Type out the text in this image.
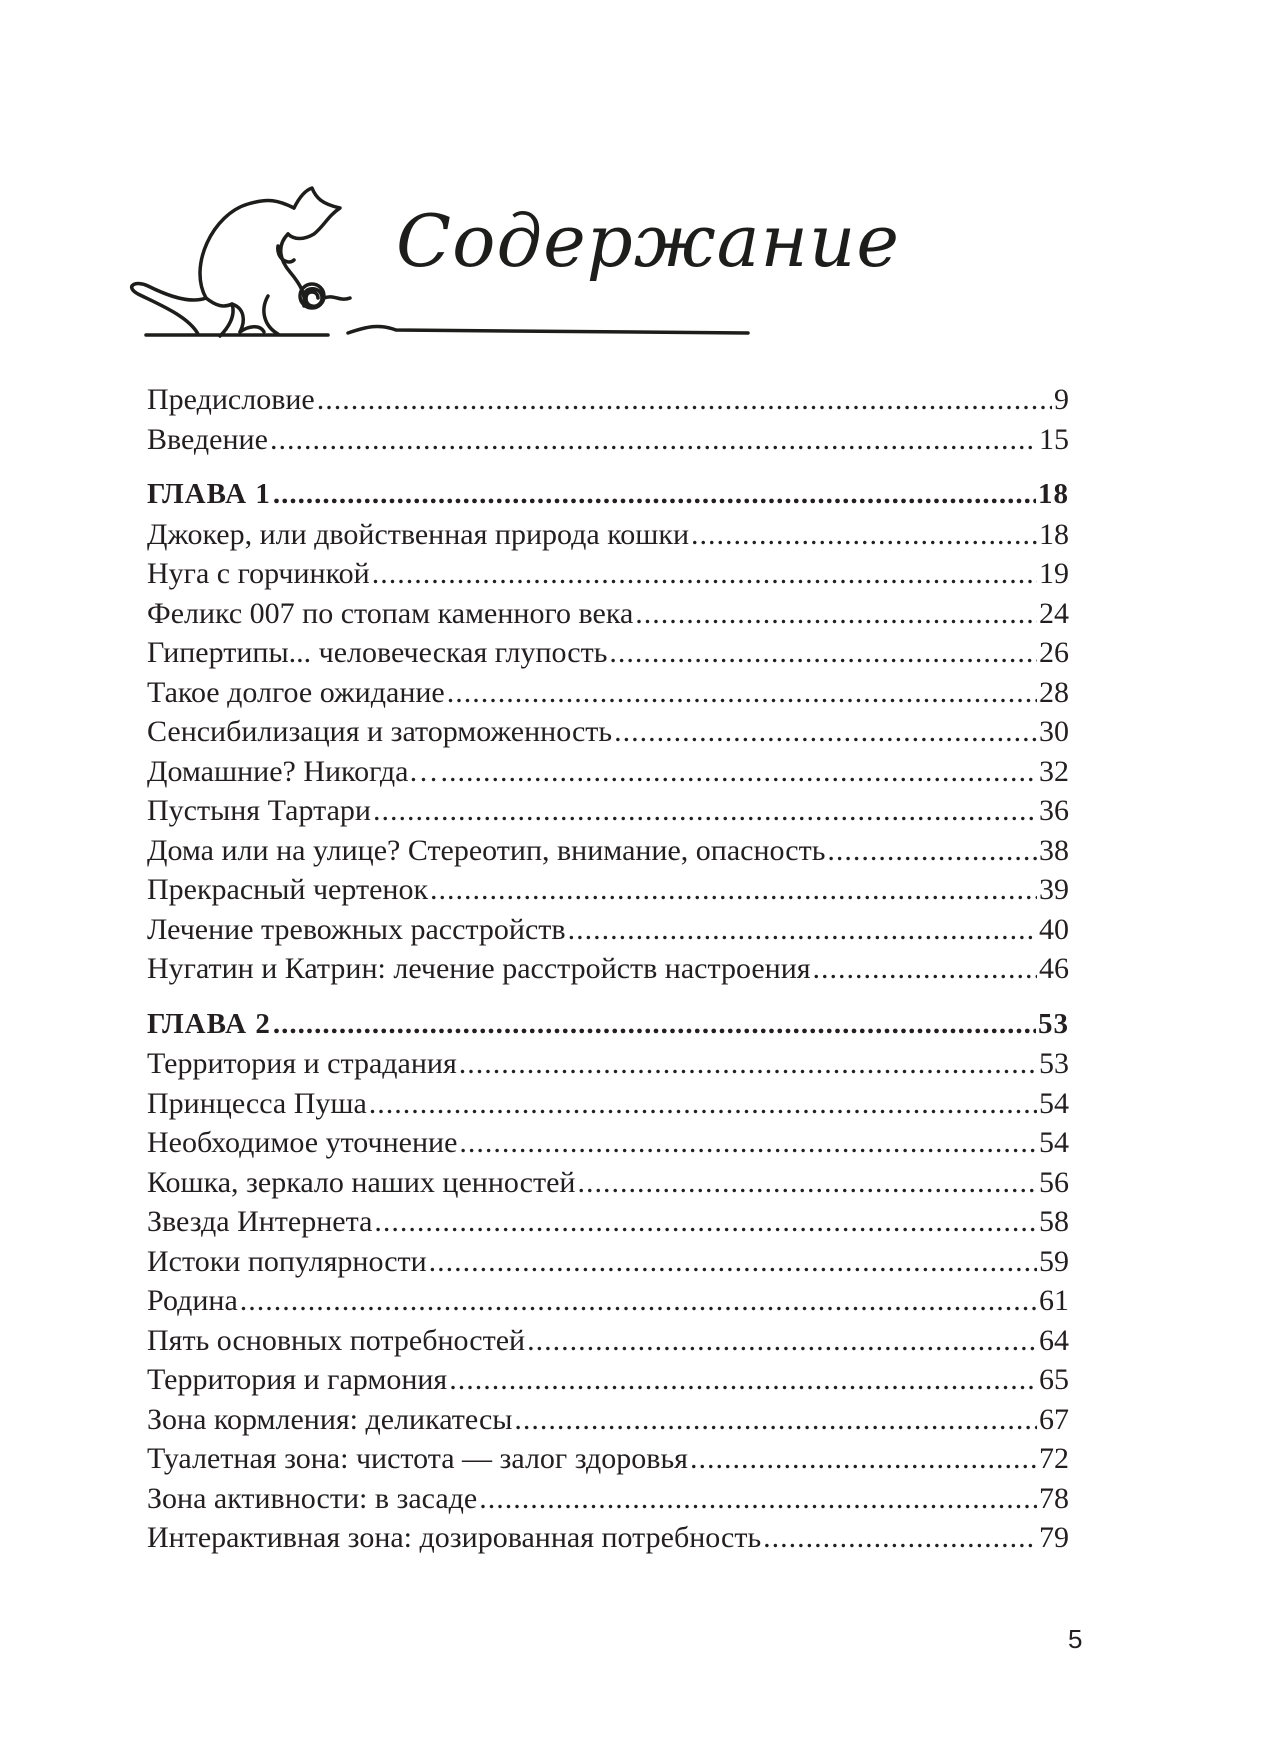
Содержание
Предисловие .....	9
Введение .....	15
ГЛАВА 1 .....	18
Джокер, или двойственная природа кошки .....	18
Нуга с горчинкой .....	19
Феликс 007 по стопам каменного века .....	24
Гипертипы... человеческая глупость .....	26
Такое долгое ожидание .....	28
Сенсибилизация и заторможенность .....	30
Домашние? Никогда… .....	32
Пустыня Тартари .....	36
Дома или на улице? Стереотип, внимание, опасность .....	38
Прекрасный чертенок .....	39
Лечение тревожных расстройств .....	40
Нугатин и Катрин: лечение расстройств настроения .....	46
ГЛАВА 2 .....	53
Территория и страдания .....	53
Принцесса Пуша .....	54
Необходимое уточнение .....	54
Кошка, зеркало наших ценностей .....	56
Звезда Интернета .....	58
Истоки популярности .....	59
Родина .....	61
Пять основных потребностей .....	64
Территория и гармония .....	65
Зона кормления: деликатесы .....	67
Туалетная зона: чистота — залог здоровья .....	72
Зона активности: в засаде .....	78
Интерактивная зона: дозированная потребность .....	79
5
